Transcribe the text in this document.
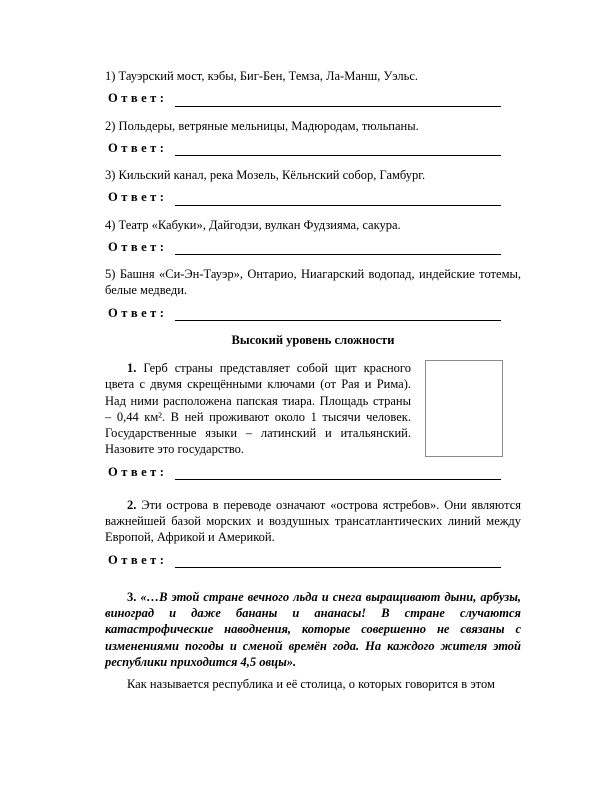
1) Тауэрский мост, кэбы, Биг-Бен, Темза, Ла-Манш, Уэльс.
Ответ:
2) Польдеры, ветряные мельницы, Мадюродам, тюльпаны.
Ответ:
3) Кильский канал, река Мозель, Кёльнский собор, Гамбург.
Ответ:
4) Театр «Кабуки», Дайгодзи, вулкан Фудзияма, сакура.
Ответ:
5) Башня «Си-Эн-Тауэр», Онтарио, Ниагарский водопад, индейские тотемы, белые медведи.
Ответ:
Высокий уровень сложности

1. Герб страны представляет собой щит красного цвета с двумя скрещёнными ключами (от Рая и Рима). Над ними расположена папская тиара. Площадь страны – 0,44 км². В ней проживают около 1 тысячи человек. Государственные языки – латинский и итальянский. Назовите это государство.

Ответ:

2. Эти острова в переводе означают «острова ястребов». Они являются важнейшей базой морских и воздушных трансатлантических линий между Европой, Африкой и Америкой.

Ответ:

3. «…В этой стране вечного льда и снега выращивают дыни, арбузы, виноград и даже бананы и ананасы! В стране случаются катастрофические наводнения, которые совершенно не связаны с изменениями погоды и сменой времён года. На каждого жителя этой республики приходится 4,5 овцы».

Как называется республика и её столица, о которых говорится в этом
